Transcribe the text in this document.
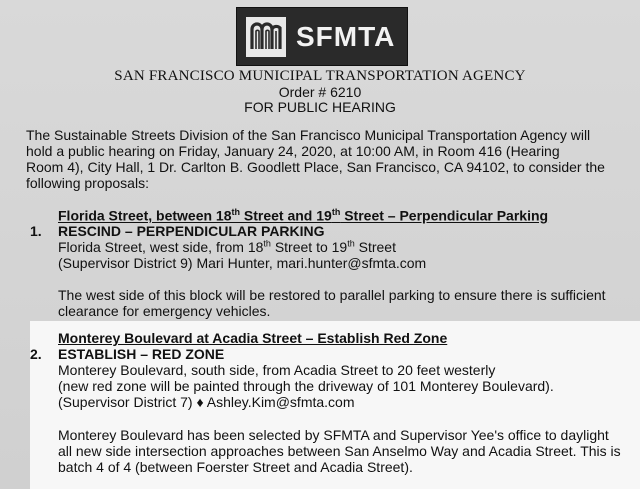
SFMTA
SAN FRANCISCO MUNICIPAL TRANSPORTATION AGENCY
Order # 6210
FOR PUBLIC HEARING
The Sustainable Streets Division of the San Francisco Municipal Transportation Agency will
hold a public hearing on Friday, January 24, 2020, at 10:00 AM, in Room 416 (Hearing
Room 4), City Hall, 1 Dr. Carlton B. Goodlett Place, San Francisco, CA 94102, to consider the
following proposals:
Florida Street, between 18th Street and 19th Street – Perpendicular Parking
1. RESCIND – PERPENDICULAR PARKING
Florida Street, west side, from 18th Street to 19th Street
(Supervisor District 9) Mari Hunter, mari.hunter@sfmta.com
The west side of this block will be restored to parallel parking to ensure there is sufficient
clearance for emergency vehicles.
Monterey Boulevard at Acadia Street – Establish Red Zone
2. ESTABLISH – RED ZONE
Monterey Boulevard, south side, from Acadia Street to 20 feet westerly
(new red zone will be painted through the driveway of 101 Monterey Boulevard).
(Supervisor District 7) ♦ Ashley.Kim@sfmta.com
Monterey Boulevard has been selected by SFMTA and Supervisor Yee's office to daylight
all new side intersection approaches between San Anselmo Way and Acadia Street. This is
batch 4 of 4 (between Foerster Street and Acadia Street).
